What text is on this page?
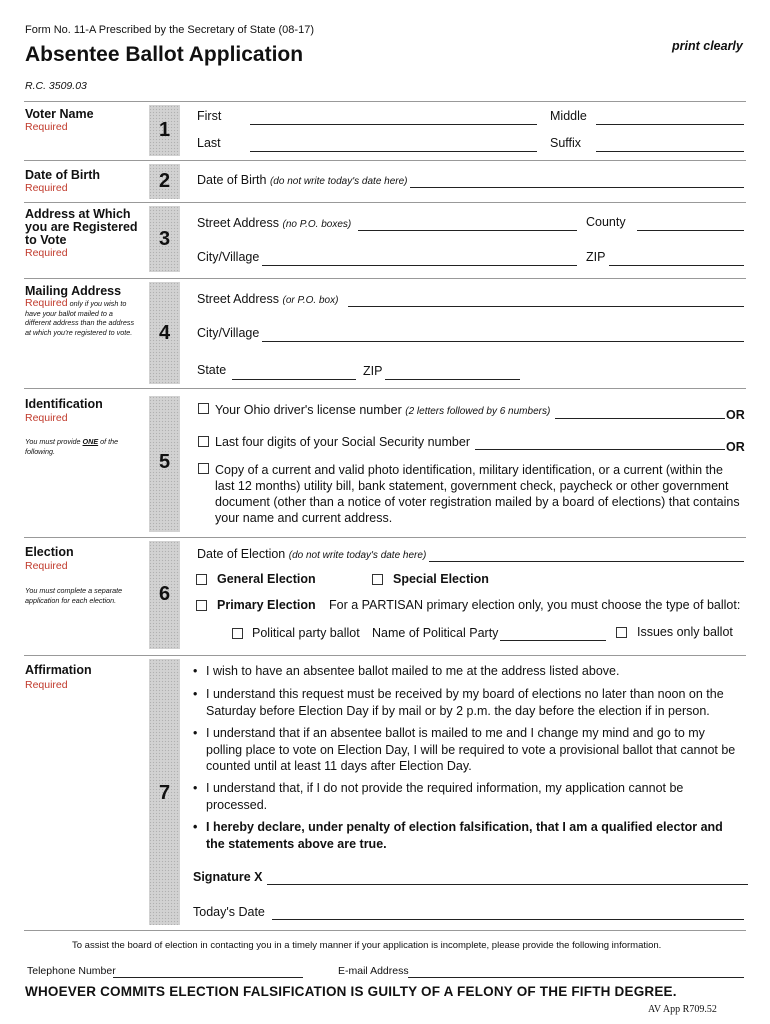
Form No. 11-A Prescribed by the Secretary of State (08-17)
Absentee Ballot Application	print clearly
R.C. 3509.03
1
Voter Name
Required
First	Middle
Last	Suffix
2
Date of Birth
Required
Date of Birth (do not write today's date here)
3
Address at Which you are Registered to Vote
Required
Street Address (no P.O. boxes)	County
City/Village	ZIP
4
Mailing Address
Required only if you wish to have your ballot mailed to a different address than the address at which you're registered to vote.
Street Address (or P.O. box)
City/Village
State	ZIP
5
Identification
Required
You must provide ONE of the following.
Your Ohio driver's license number (2 letters followed by 6 numbers)	OR
Last four digits of your Social Security number	OR
Copy of a current and valid photo identification, military identification, or a current (within the last 12 months) utility bill, bank statement, government check, paycheck or other government document (other than a notice of voter registration mailed by a board of elections) that contains your name and current address.
6
Election
Required
You must complete a separate application for each election.
Date of Election (do not write today's date here)
General Election	Special Election
Primary Election For a PARTISAN primary election only, you must choose the type of ballot:
Political party ballot Name of Political Party	Issues only ballot
7
Affirmation
Required
• I wish to have an absentee ballot mailed to me at the address listed above.
• I understand this request must be received by my board of elections no later than noon on the Saturday before Election Day if by mail or by 2 p.m. the day before the election if in person.
• I understand that if an absentee ballot is mailed to me and I change my mind and go to my polling place to vote on Election Day, I will be required to vote a provisional ballot that cannot be counted until at least 11 days after Election Day.
• I understand that, if I do not provide the required information, my application cannot be processed.
• I hereby declare, under penalty of election falsification, that I am a qualified elector and the statements above are true.
Signature X
Today's Date
To assist the board of election in contacting you in a timely manner if your application is incomplete, please provide the following information.
Telephone Number	E-mail Address
WHOEVER COMMITS ELECTION FALSIFICATION IS GUILTY OF A FELONY OF THE FIFTH DEGREE.
AV App R709.52
